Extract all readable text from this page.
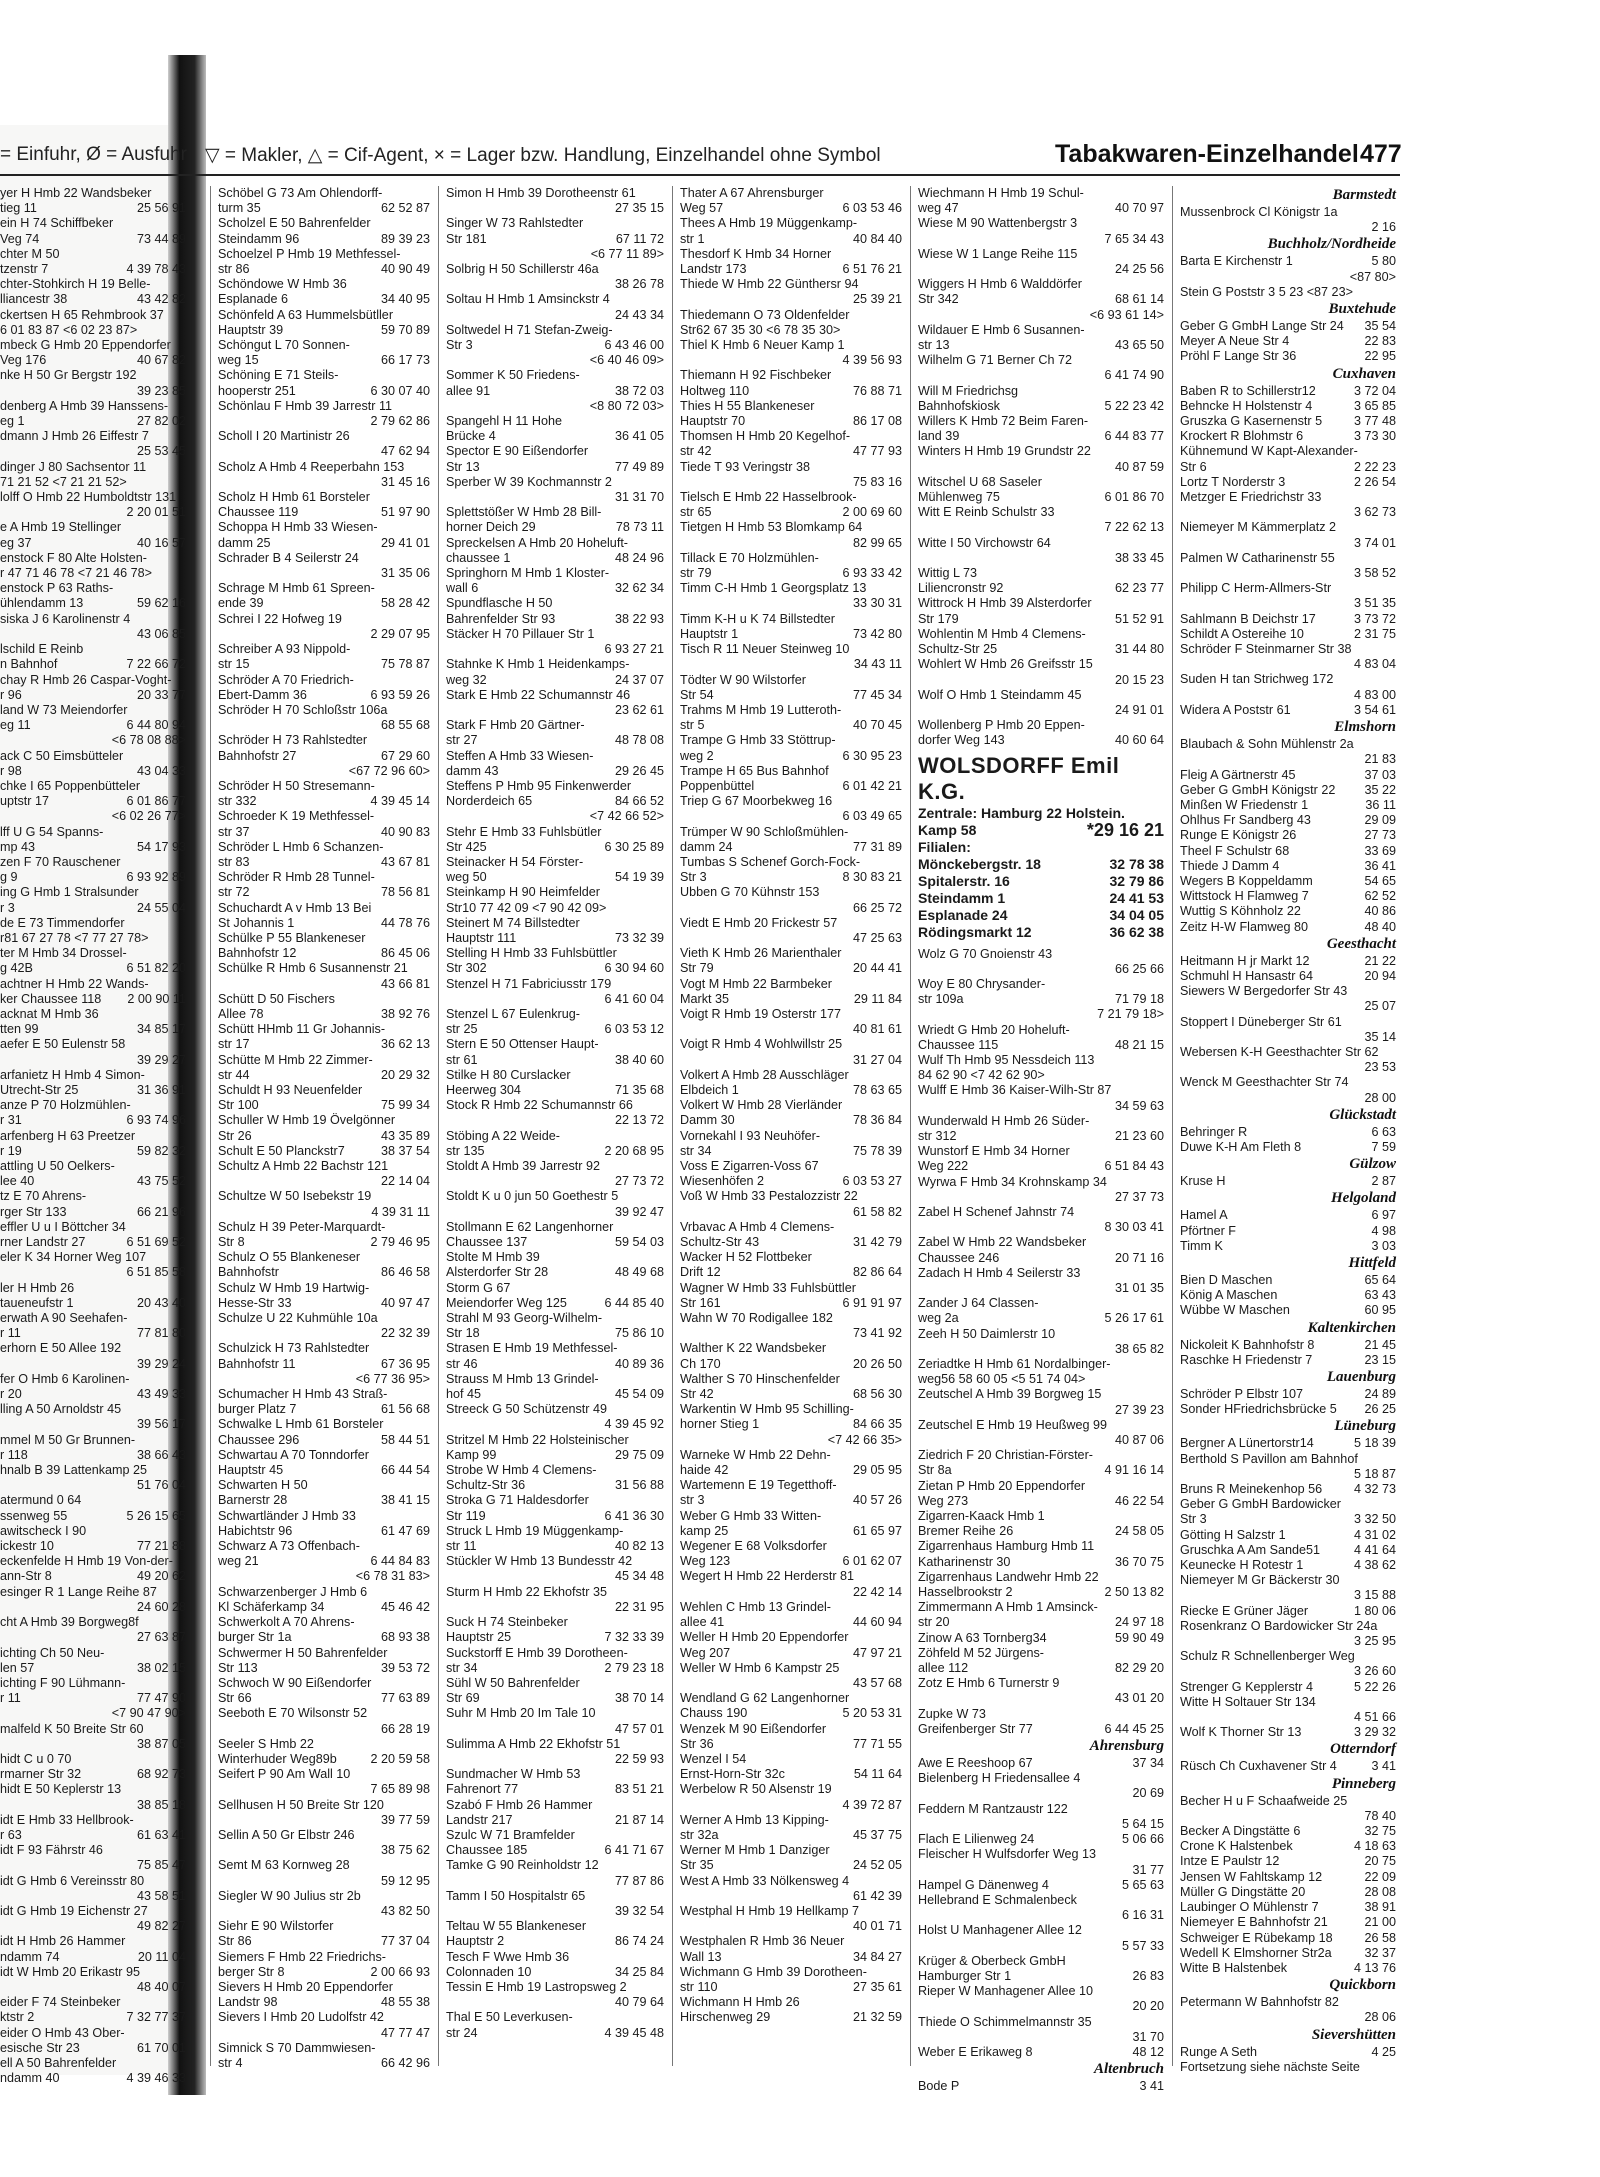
= Einfuhr, Ø = Ausfuhr ▽ = Makler, △ = Cif-Agent, × = Lager bzw. Handlung, Einzelhandel ohne Symbol	Tabakwaren-Einzelhandel 477
yer H Hmb 22 Wandsbeker
tieg 11	25 56 91
ein H 74 Schiffbeker
Veg 74	73 44 89
chter M 50
tzenstr 7	4 39 78 43
chter-Stohkirch H 19 Belle-
lliancestr 38	43 42 82
ckertsen H 65 Rehmbrook 37
6 01 83 87 <6 02 23 87>
mbeck G Hmb 20 Eppendorfer
Veg 176	40 67 82
nke H 50 Gr Bergstr 192
39 23 85
denberg A Hmb 39 Hanssens-
eg 1	27 82 02
dmann J Hmb 26 Eiffestr 7
25 53 45
dinger J 80 Sachsentor 11
71 21 52 <7 21 21 52>
lolff O Hmb 22 Humboldtstr 131
2 20 01 51
e A Hmb 19 Stellinger
eg 37	40 16 57
enstock F 80 Alte Holsten-
r 47 71 46 78 <7 21 46 78>
enstock P 63 Raths-
ühlendamm 13	59 62 16
siska J 6 Karolinenstr 4
43 06 85
lschild E Reinb
n Bahnhof	7 22 66 72
chay R Hmb 26 Caspar-Voght-
r 96	20 33 77
land W 73 Meiendorfer
eg 11	6 44 80 94
<6 78 08 88>
ack C 50 Eimsbütteler
r 98	43 04 33
chke I 65 Poppenbütteler
uptstr 17	6 01 86 77
<6 02 26 77>
lff U G 54 Spanns-
mp 43	54 17 93
zen F 70 Rauschener
g 9	6 93 92 89
ing G Hmb 1 Stralsunder
r 3	24 55 04
de E 73 Timmendorfer
r81 67 27 78 <7 77 27 78>
ter M Hmb 34 Drossel-
g 42B	6 51 82 20
achtner H Hmb 22 Wands-
ker Chaussee 118	2 00 90 11
acknat M Hmb 36
tten 99	34 85 17
aefer E 50 Eulenstr 58
39 29 27
arfanietz H Hmb 4 Simon-
Utrecht-Str 25	31 36 91
anze P 70 Holzmühlen-
r 31	6 93 74 96
arfenberg H 63 Preetzer
r 19	59 82 32
attling U 50 Oelkers-
lee 40	43 75 52
tz E 70 Ahrens-
rger Str 133	66 21 96
effler U u I Böttcher 34
rner Landstr 27	6 51 69 52
eler K 34 Horner Weg 107
6 51 85 58
ler H Hmb 26
taueneufstr 1	20 43 40
erwath A 90 Seehafen-
r 11	77 81 80
erhorn E 50 Allee 192
39 29 24
fer O Hmb 6 Karolinen-
r 20	43 49 33
lling A 50 Arnoldstr 45
39 56 17
mmel M 50 Gr Brunnen-
r 118	38 66 43
hnalb B 39 Lattenkamp 25
51 76 04
atermund 0 64
ssenweg 55	5 26 15 65
awitscheck I 90
ickestr 10	77 21 88
eckenfelde H Hmb 19 Von-der-
ann-Str 8	49 20 62
esinger R 1 Lange Reihe 87
24 60 28
cht A Hmb 39 Borgweg8f
27 63 87
ichting Ch 50 Neu-
len 57	38 02 15
ichting F 90 Lühmann-
r 11	77 47 90
<7 90 47 90>
malfeld K 50 Breite Str 60
38 87 05
hidt C u 0 70
rmarner Str 32	68 92 73
hidt E 50 Keplerstr 13
38 85 18
idt E Hmb 33 Hellbrook-
r 63	61 63 41
idt F 93 Fährstr 46
75 85 47
idt G Hmb 6 Vereinsstr 80
43 58 51
idt G Hmb 19 Eichenstr 27
49 82 27
idt H Hmb 26 Hammer
ndamm 74	20 11 04
idt W Hmb 20 Erikastr 95
48 40 07
eider F 74 Steinbeker
ktstr 2	7 32 77 37
eider O Hmb 43 Ober-
esische Str 23	61 70 01
ell A 50 Bahrenfelder
ndamm 40	4 39 46 33
Schöbel G 73 Am Ohlendorff-
turm 35	62 52 87
Scholzel E 50 Bahrenfelder
Steindamm 96	89 39 23
Schoelzel P Hmb 19 Methfessel-
str 86	40 90 49
Schöndowe W Hmb 36
Esplanade 6	34 40 95
Schönfeld A 63 Hummelsbütller
Hauptstr 39	59 70 89
Schöngut L 70 Sonnen-
weg 15	66 17 73
Schöning E 71 Steils-
hooperstr 251	6 30 07 40
Schönlau F Hmb 39 Jarrestr 11
2 79 62 86
Scholl I 20 Martinistr 26
47 62 94
Scholz A Hmb 4 Reeperbahn 153
31 45 16
Scholz H Hmb 61 Borsteler
Chaussee 119	51 97 90
Schoppa H Hmb 33 Wiesen-
damm 25	29 41 01
Schrader B 4 Seilerstr 24
31 35 06
Schrage M Hmb 61 Spreen-
ende 39	58 28 42
Schrei I 22 Hofweg 19
2 29 07 95
Schreiber A 93 Nippold-
str 15	75 78 87
Schröder A 70 Friedrich-
Ebert-Damm 36	6 93 59 26
Schröder H 70 Schloßstr 106a
68 55 68
Schröder H 73 Rahlstedter
Bahnhofstr 27	67 29 60
<67 72 96 60>
Schröder H 50 Stresemann-
str 332	4 39 45 14
Schroeder K 19 Methfessel-
str 37	40 90 83
Schröder L Hmb 6 Schanzen-
str 83	43 67 81
Schröder R Hmb 28 Tunnel-
str 72	78 56 81
Schuchardt A v Hmb 13 Bei
St Johannis 1	44 78 76
Schülke P 55 Blankeneser
Bahnhofstr 12	86 45 06
Schülke R Hmb 6 Susannenstr 21
43 66 81
Schütt D 50 Fischers
Allee 78	38 92 76
Schütt HHmb 11 Gr Johannis-
str 17	36 62 13
Schütte M Hmb 22 Zimmer-
str 44	20 29 32
Schuldt H 93 Neuenfelder
Str 100	75 99 34
Schuller W Hmb 19 Övelgönner
Str 26	43 35 89
Schult E 50 Planckstr7	38 37 54
Schultz A Hmb 22 Bachstr 121
22 14 04
Schultze W 50 Isebekstr 19
4 39 31 11
Schulz H 39 Peter-Marquardt-
Str 8	2 79 46 95
Schulz O 55 Blankeneser
Bahnhofstr	86 46 58
Schulz W Hmb 19 Hartwig-
Hesse-Str 33	40 97 47
Schulze U 22 Kuhmühle 10a
22 32 39
Schulzick H 73 Rahlstedter
Bahnhofstr 11	67 36 95
<6 77 36 95>
Schumacher H Hmb 43 Straß-
burger Platz 7	61 56 68
Schwalke L Hmb 61 Borsteler
Chaussee 296	58 44 51
Schwartau A 70 Tonndorfer
Hauptstr 45	66 44 54
Schwarten H 50
Barnerstr 28	38 41 15
Schwartländer J Hmb 33
Habichtstr 96	61 47 69
Schwarz A 73 Offenbach-
weg 21	6 44 84 83
<6 78 31 83>
Schwarzenberger J Hmb 6
Kl Schäferkamp 34	45 46 42
Schwerkolt A 70 Ahrens-
burger Str 1a	68 93 38
Schwermer H 50 Bahrenfelder
Str 113	39 53 72
Schwoch W 90 Eißendorfer
Str 66	77 63 89
Seeboth E 70 Wilsonstr 52
66 28 19
Seeler S Hmb 22
Winterhuder Weg89b	2 20 59 58
Seifert P 90 Am Wall 10
7 65 89 98
Sellhusen H 50 Breite Str 120
39 77 59
Sellin A 50 Gr Elbstr 246
38 75 62
Semt M 63 Kornweg 28
59 12 95
Siegler W 90 Julius str 2b
43 82 50
Siehr E 90 Wilstorfer
Str 86	77 37 04
Siemers F Hmb 22 Friedrichs-
berger Str 8	2 00 66 93
Sievers H Hmb 20 Eppendorfer
Landstr 98	48 55 38
Sievers I Hmb 20 Ludolfstr 42
47 77 47
Simnick S 70 Dammwiesen-
str 4	66 42 96
Simon H Hmb 39 Dorotheenstr 61
27 35 15
Singer W 73 Rahlstedter
Str 181	67 11 72
<6 77 11 89>
Solbrig H 50 Schillerstr 46a
38 26 78
Soltau H Hmb 1 Amsinckstr 4
24 43 34
Soltwedel H 71 Stefan-Zweig-
Str 3	6 43 46 00
<6 40 46 09>
Sommer K 50 Friedens-
allee 91	38 72 03
<8 80 72 03>
Spangehl H 11 Hohe
Brücke 4	36 41 05
Spector E 90 Eißendorfer
Str 13	77 49 89
Sperber W 39 Kochmannstr 2
31 31 70
Splettstößer W Hmb 28 Bill-
horner Deich 29	78 73 11
Spreckelsen A Hmb 20 Hoheluft-
chaussee 1	48 24 96
Springhorn M Hmb 1 Kloster-
wall 6	32 62 34
Spundflasche H 50
Bahrenfelder Str 93	38 22 93
Stäcker H 70 Pillauer Str 1
6 93 27 21
Stahnke K Hmb 1 Heidenkamps-
weg 32	24 37 07
Stark E Hmb 22 Schumannstr 46
23 62 61
Stark F Hmb 20 Gärtner-
str 27	48 78 08
Steffen A Hmb 33 Wiesen-
damm 43	29 26 45
Steffens P Hmb 95 Finkenwerder
Norderdeich 65	84 66 52
<7 42 66 52>
Stehr E Hmb 33 Fuhlsbütler
Str 425	6 30 25 89
Steinacker H 54 Förster-
weg 50	54 19 39
Steinkamp H 90 Heimfelder
Str10 77 42 09 <7 90 42 09>
Steinert M 74 Billstedter
Hauptstr 111	73 32 39
Stelling H Hmb 33 Fuhlsbüttler
Str 302	6 30 94 60
Stenzel H 71 Fabriciusstr 179
6 41 60 04
Stenzel L 67 Eulenkrug-
str 25	6 03 53 12
Stern E 50 Ottenser Haupt-
str 61	38 40 60
Stilke H 80 Curslacker
Heerweg 304	71 35 68
Stock R Hmb 22 Schumannstr 66
22 13 72
Stöbing A 22 Weide-
str 135	2 20 68 95
Stoldt A Hmb 39 Jarrestr 92
27 73 72
Stoldt K u 0 jun 50 Goethestr 5
39 92 47
Stollmann E 62 Langenhorner
Chaussee 137	59 54 03
Stolte M Hmb 39
Alsterdorfer Str 28	48 49 68
Storm G 67
Meiendorfer Weg 125	6 44 85 40
Strahl M 93 Georg-Wilhelm-
Str 18	75 86 10
Strasen E Hmb 19 Methfessel-
str 46	40 89 36
Strauss M Hmb 13 Grindel-
hof 45	45 54 09
Streeck G 50 Schützenstr 49
4 39 45 92
Stritzel M Hmb 22 Holsteinischer
Kamp 99	29 75 09
Strobe W Hmb 4 Clemens-
Schultz-Str 36	31 56 88
Stroka G 71 Haldesdorfer
Str 119	6 41 36 30
Struck L Hmb 19 Müggenkamp-
str 11	40 82 13
Stückler W Hmb 13 Bundesstr 42
45 34 48
Sturm H Hmb 22 Ekhofstr 35
22 31 95
Suck H 74 Steinbeker
Hauptstr 25	7 32 33 39
Suckstorff E Hmb 39 Dorotheen-
str 34	2 79 23 18
Sühl W 50 Bahrenfelder
Str 69	38 70 14
Suhr M Hmb 20 Im Tale 10
47 57 01
Sulimma A Hmb 22 Ekhofstr 51
22 59 93
Sundmacher W Hmb 53
Fahrenort 77	83 51 21
Szabó F Hmb 26 Hammer
Landstr 217	21 87 14
Szulc W 71 Bramfelder
Chaussee 185	6 41 71 67
Tamke G 90 Reinholdstr 12
77 87 86
Tamm I 50 Hospitalstr 65
39 32 54
Teltau W 55 Blankeneser
Hauptstr 2	86 74 24
Tesch F Wwe Hmb 36
Colonnaden 10	34 25 84
Tessin E Hmb 19 Lastropsweg 2
40 79 64
Thal E 50 Leverkusen-
str 24	4 39 45 48
Thater A 67 Ahrensburger
Weg 57	6 03 53 46
Thees A Hmb 19 Müggenkamp-
str 1	40 84 40
Thesdorf K Hmb 34 Horner
Landstr 173	6 51 76 21
Thiede W Hmb 22 Günthersr 94
25 39 21
Thiedemann O 73 Oldenfelder
Str62 67 35 30 <6 78 35 30>
Thiel K Hmb 6 Neuer Kamp 1
4 39 56 93
Thiemann H 92 Fischbeker
Holtweg 110	76 88 71
Thies H 55 Blankeneser
Hauptstr 70	86 17 08
Thomsen H Hmb 20 Kegelhof-
str 42	47 77 93
Tiede T 93 Veringstr 38
75 83 16
Tielsch E Hmb 22 Hasselbrook-
str 65	2 00 69 60
Tietgen H Hmb 53 Blomkamp 64
82 99 65
Tillack E 70 Holzmühlen-
str 79	6 93 33 42
Timm C-H Hmb 1 Georgsplatz 13
33 30 31
Timm K-H u K 74 Billstedter
Hauptstr 1	73 42 80
Tisch R 11 Neuer Steinweg 10
34 43 11
Tödter W 90 Wilstorfer
Str 54	77 45 34
Trahms M Hmb 19 Lutteroth-
str 5	40 70 45
Trampe G Hmb 33 Stöttrup-
weg 2	6 30 95 23
Trampe H 65 Bus Bahnhof
Poppenbüttel	6 01 42 21
Triep G 67 Moorbekweg 16
6 03 49 65
Trümper W 90 Schloßmühlen-
damm 24	77 31 89
Tumbas S Schenef Gorch-Fock-
Str 3	8 30 83 21
Ubben G 70 Kühnstr 153
66 25 72
Viedt E Hmb 20 Frickestr 57
47 25 63
Vieth K Hmb 26 Marienthaler
Str 79	20 44 41
Vogt M Hmb 22 Barmbeker
Markt 35	29 11 84
Voigt R Hmb 19 Osterstr 177
40 81 61
Voigt R Hmb 4 Wohlwillstr 25
31 27 04
Volkert A Hmb 28 Ausschläger
Elbdeich 1	78 63 65
Volkert W Hmb 28 Vierländer
Damm 30	78 36 84
Vornekahl I 93 Neuhöfer-
str 34	75 78 39
Voss E Zigarren-Voss 67
Wiesenhöfen 2	6 03 53 27
Voß W Hmb 33 Pestalozzistr 22
61 58 82
Vrbavac A Hmb 4 Clemens-
Schultz-Str 43	31 42 79
Wacker H 52 Flottbeker
Drift 12	82 86 64
Wagner W Hmb 33 Fuhlsbüttler
Str 161	6 91 91 97
Wahn W 70 Rodigallee 182
73 41 92
Walther K 22 Wandsbeker
Ch 170	20 26 50
Walther S 70 Hinschenfelder
Str 42	68 56 30
Warkentin W Hmb 95 Schilling-
horner Stieg 1	84 66 35
<7 42 66 35>
Warneke W Hmb 22 Dehn-
haide 42	29 05 95
Wartemenn E 19 Tegetthoff-
str 3	40 57 26
Weber G Hmb 33 Witten-
kamp 25	61 65 97
Wegener E 68 Volksdorfer
Weg 123	6 01 62 07
Wegert H Hmb 22 Herderstr 81
22 42 14
Wehlen C Hmb 13 Grindel-
allee 41	44 60 94
Weller H Hmb 20 Eppendorfer
Weg 207	47 97 21
Weller W Hmb 6 Kampstr 25
43 57 68
Wendland G 62 Langenhorner
Chauss 190	5 20 53 31
Wenzek M 90 Eißendorfer
Str 36	77 71 55
Wenzel I 54
Ernst-Horn-Str 32c	54 11 64
Werbelow R 50 Alsenstr 19
4 39 72 87
Werner A Hmb 13 Kipping-
str 32a	45 37 75
Werner M Hmb 1 Danziger
Str 35	24 52 05
West A Hmb 33 Nölkensweg 4
61 42 39
Westphal H Hmb 19 Hellkamp 7
40 01 71
Westphalen R Hmb 36 Neuer
Wall 13	34 84 27
Wichmann G Hmb 39 Dorotheen-
str 110	27 35 61
Wichmann H Hmb 26
Hirschenweg 29	21 32 59
Wiechmann H Hmb 19 Schul-
weg 47	40 70 97
Wiese M 90 Wattenbergstr 3
7 65 34 43
Wiese W 1 Lange Reihe 115
24 25 56
Wiggers H Hmb 6 Walddörfer
Str 342	68 61 14
<6 93 61 14>
Wildauer E Hmb 6 Susannen-
str 13	43 65 50
Wilhelm G 71 Berner Ch 72
6 41 74 90
Will M Friedrichsg
Bahnhofskiosk	5 22 23 42
Willers K Hmb 72 Beim Faren-
land 39	6 44 83 77
Winters H Hmb 19 Grundstr 22
40 87 59
Witschel U 68 Saseler
Mühlenweg 75	6 01 86 70
Witt E Reinb Schulstr 33
7 22 62 13
Witte I 50 Virchowstr 64
38 33 45
Wittig L 73
Liliencronstr 92	62 23 77
Wittrock H Hmb 39 Alsterdorfer
Str 179	51 52 91
Wohlentin M Hmb 4 Clemens-
Schultz-Str 25	31 44 80
Wohlert W Hmb 26 Greifsstr 15
20 15 23
Wolf O Hmb 1 Steindamm 45
24 91 01
Wollenberg P Hmb 20 Eppen-
dorfer Weg 143	40 60 64
WOLSDORFF Emil K.G.
Zentrale: Hamburg 22 Holstein.
Kamp 58	*29 16 21
Filialen:
Mönckebergstr. 18	32 78 38
Spitalerstr. 16	32 79 86
Steindamm 1	24 41 53
Esplanade 24	34 04 05
Rödingsmarkt 12	36 62 38
Wolz G 70 Gnoienstr 43
66 25 66
Woy E 80 Chrysander-
str 109a	71 79 18
7 21 79 18>
Wriedt G Hmb 20 Hoheluft-
Chaussee 115	48 21 15
Wulf Th Hmb 95 Nessdeich 113
84 62 90 <7 42 62 90>
Wulff E Hmb 36 Kaiser-Wilh-Str 87
34 59 63
Wunderwald H Hmb 26 Süder-
str 312	21 23 60
Wunstorf E Hmb 34 Horner
Weg 222	6 51 84 43
Wyrwa F Hmb 34 Krohnskamp 34
27 37 73
Zabel H Schenef Jahnstr 74
8 30 03 41
Zabel W Hmb 22 Wandsbeker
Chaussee 246	20 71 16
Zadach H Hmb 4 Seilerstr 33
31 01 35
Zander J 64 Classen-
weg 2a	5 26 17 61
Zeeh H 50 Daimlerstr 10
38 65 82
Zeriadtke H Hmb 61 Nordalbinger-
weg56 58 60 05 <5 51 74 04>
Zeutschel A Hmb 39 Borgweg 15
27 39 23
Zeutschel E Hmb 19 Heußweg 99
40 87 06
Ziedrich F 20 Christian-Förster-
Str 8a	4 91 16 14
Zietan P Hmb 20 Eppendorfer
Weg 273	46 22 54
Zigarren-Kaack Hmb 1
Bremer Reihe 26	24 58 05
Zigarrenhaus Hamburg Hmb 11
Katharinenstr 30	36 70 75
Zigarrenhaus Landwehr Hmb 22
Hasselbrookstr 2	2 50 13 82
Zimmermann A Hmb 1 Amsinck-
str 20	24 97 18
Zinow A 63 Tornberg34	59 90 49
Zöhfeld M 52 Jürgens-
allee 112	82 29 20
Zotz E Hmb 6 Turnerstr 9
43 01 20
Zupke W 73
Greifenberger Str 77	6 44 45 25
Ahrensburg
Awe E Reeshoop 67	37 34
Bielenberg H Friedensallee 4
20 69
Feddern M Rantzaustr 122
5 64 15
Flach E Lilienweg 24	5 06 66
Fleischer H Wulfsdorfer Weg 13
31 77
Hampel G Dänenweg 4	5 65 63
Hellebrand E Schmalenbeck
6 16 31
Holst U Manhagener Allee 12
5 57 33
Krüger & Oberbeck GmbH
Hamburger Str 1	26 83
Rieper W Manhagener Allee 10
20 20
Thiede O Schimmelmannstr 35
31 70
Weber E Erikaweg 8	48 12
Altenbruch
Bode P	3 41
Barmstedt
Mussenbrock Cl Königstr 1a
2 16
Buchholz/Nordheide
Barta E Kirchenstr 1	5 80
<87 80>
Stein G Poststr 3 5 23 <87 23>
Buxtehude
Geber G GmbH Lange Str 24	35 54
Meyer A Neue Str 4	22 83
Pröhl F Lange Str 36	22 95
Cuxhaven
Baben R to Schillerstr12	3 72 04
Behncke H Holstenstr 4	3 65 85
Gruszka G Kasernenstr 5	3 77 48
Krockert R Blohmstr 6	3 73 30
Kühnemund W Kapt-Alexander-
Str 6	2 22 23
Lortz T Norderstr 3	2 26 54
Metzger E Friedrichstr 33
3 62 73
Niemeyer M Kämmerplatz 2
3 74 01
Palmen W Catharinenstr 55
3 58 52
Philipp C Herm-Allmers-Str
3 51 35
Sahlmann B Deichstr 17	3 73 72
Schildt A Ostereihe 10	2 31 75
Schröder F Steinmarner Str 38
4 83 04
Suden H tan Strichweg 172
4 83 00
Widera A Poststr 61	3 54 61
Elmshorn
Blaubach & Sohn Mühlenstr 2a
21 83
Fleig A Gärtnerstr 45	37 03
Geber G GmbH Königstr 22	35 22
Minßen W Friedenstr 1	36 11
Ohlhus Fr Sandberg 43	29 09
Runge E Königstr 26	27 73
Theel F Schulstr 68	33 69
Thiede J Damm 4	36 41
Wegers B Koppeldamm	54 65
Wittstock H Flamweg 7	62 52
Wuttig S Köhnholz 22	40 86
Zeitz H-W Flamweg 80	48 40
Geesthacht
Heitmann H jr Markt 12	21 22
Schmuhl H Hansastr 64	20 94
Siewers W Bergedorfer Str 43
25 07
Stoppert I Düneberger Str 61
35 14
Webersen K-H Geesthachter Str 62
23 53
Wenck M Geesthachter Str 74
28 00
Glückstadt
Behringer R	6 63
Duwe K-H Am Fleth 8	7 59
Gülzow
Kruse H	2 87
Helgoland
Hamel A	6 97
Pförtner F	4 98
Timm K	3 03
Hittfeld
Bien D Maschen	65 64
König A Maschen	63 43
Wübbe W Maschen	60 95
Kaltenkirchen
Nickoleit K Bahnhofstr 8	21 45
Raschke H Friedenstr 7	23 15
Lauenburg
Schröder P Elbstr 107	24 89
Sonder HFriedrichsbrücke 5	26 25
Lüneburg
Bergner A Lünertorstr14	5 18 39
Berthold S Pavillon am Bahnhof
5 18 87
Bruns R Meinekenhop 56	4 32 73
Geber G GmbH Bardowicker
Str 3	3 32 50
Götting H Salzstr 1	4 31 02
Gruschka A Am Sande51	4 41 64
Keunecke H Rotestr 1	4 38 62
Niemeyer M Gr Bäckerstr 30
3 15 88
Riecke E Grüner Jäger	1 80 06
Rosenkranz O Bardowicker Str 24a
3 25 95
Schulz R Schnellenberger Weg
3 26 60
Strenger G Kepplerstr 4	5 22 26
Witte H Soltauer Str 134
4 51 66
Wolf K Thorner Str 13	3 29 32
Otterndorf
Rüsch Ch Cuxhavener Str 4	3 41
Pinneberg
Becher H u F Schaafweide 25
78 40
Becker A Dingstätte 6	32 75
Crone K Halstenbek	4 18 63
Intze E Paulstr 12	20 75
Jensen W Fahltskamp 12	22 09
Müller G Dingstätte 20	28 08
Laubinger O Mühlenstr 7	38 91
Niemeyer E Bahnhofstr 21	21 00
Schweiger E Rübekamp 18	26 58
Wedell K Elmshorner Str2a	32 37
Witte B Halstenbek	4 13 76
Quickborn
Petermann W Bahnhofstr 82
28 06
Sievershütten
Runge A Seth	4 25
Fortsetzung siehe nächste Seite
